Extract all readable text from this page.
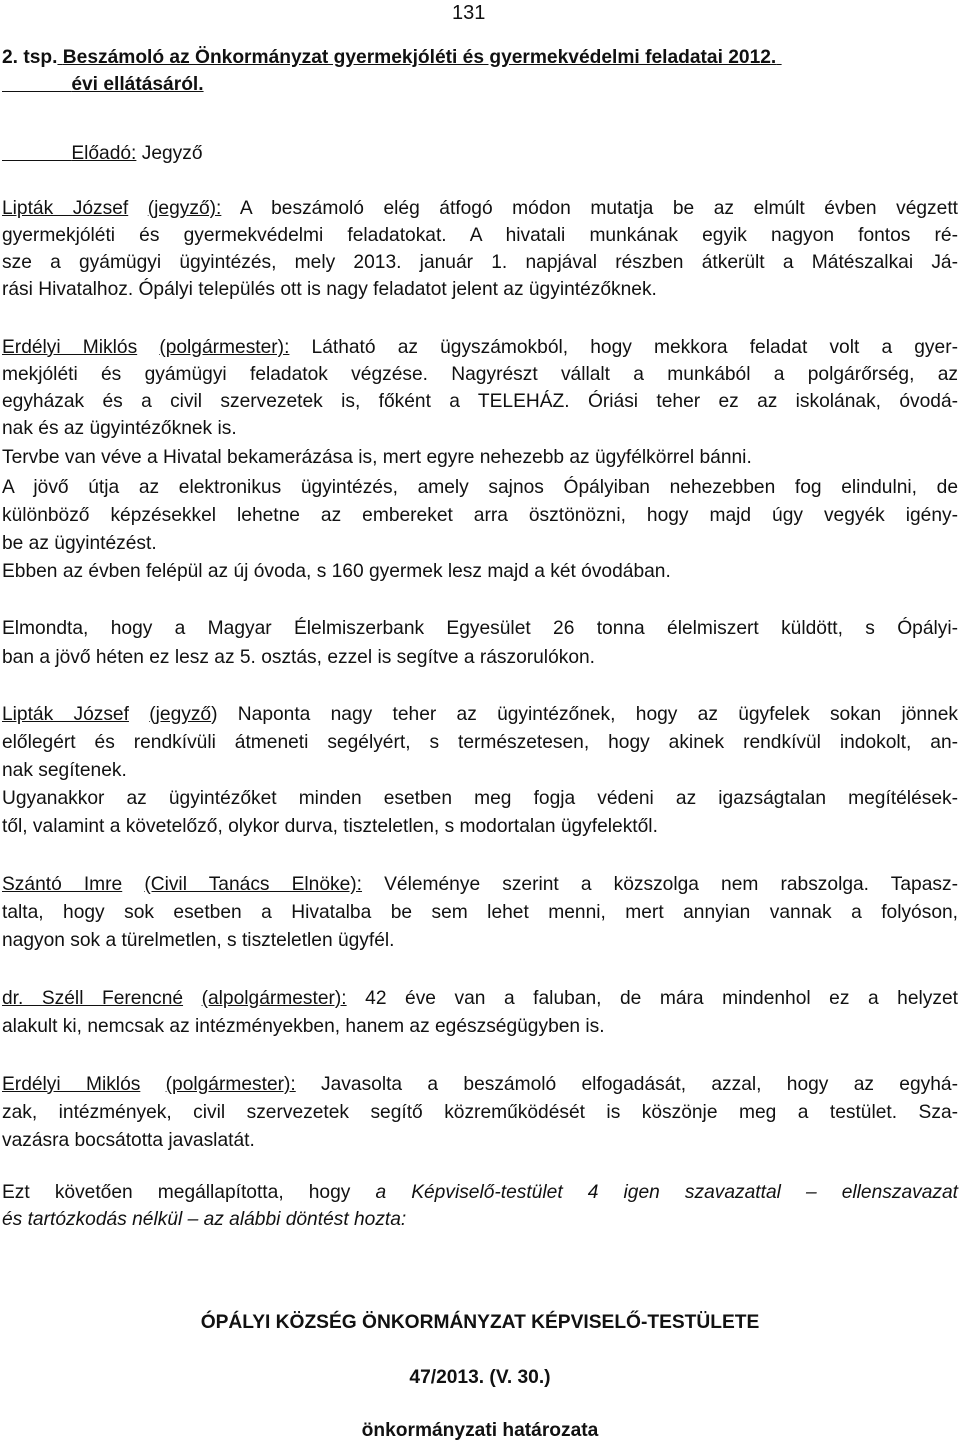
131
2. tsp. Beszámoló az Önkormányzat gyermekjóléti és gyermekvédelmi feladatai 2012.
évi ellátásáról.
Előadó: Jegyző
Lipták József (jegyző): A beszámoló elég átfogó módon mutatja be az elmúlt évben végzett
gyermekjóléti és gyermekvédelmi feladatokat. A hivatali munkának egyik nagyon fontos ré-
sze a gyámügyi ügyintézés, mely 2013. január 1. napjával részben átkerült a Mátészalkai Já-
rási Hivatalhoz. Ópályi település ott is nagy feladatot jelent az ügyintézőknek.
Erdélyi Miklós (polgármester): Látható az ügyszámokból, hogy mekkora feladat volt a gyer-
mekjóléti és gyámügyi feladatok végzése. Nagyrészt vállalt a munkából a polgárőrség, az
egyházak és a civil szervezetek is, főként a TELEHÁZ. Óriási teher ez az iskolának, óvodá-
nak és az ügyintézőknek is.
Tervbe van véve a Hivatal bekamerázása is, mert egyre nehezebb az ügyfélkörrel bánni.
A jövő útja az elektronikus ügyintézés, amely sajnos Ópályiban nehezebben fog elindulni, de
különböző képzésekkel lehetne az embereket arra ösztönözni, hogy majd úgy vegyék igény-
be az ügyintézést.
Ebben az évben felépül az új óvoda, s 160 gyermek lesz majd a két óvodában.
Elmondta, hogy a Magyar Élelmiszerbank Egyesület 26 tonna élelmiszert küldött, s Ópályi-
ban a jövő héten ez lesz az 5. osztás, ezzel is segítve a rászorulókon.
Lipták József (jegyző) Naponta nagy teher az ügyintézőnek, hogy az ügyfelek sokan jönnek
előlegért és rendkívüli átmeneti segélyért, s természetesen, hogy akinek rendkívül indokolt, an-
nak segítenek.
Ugyanakkor az ügyintézőket minden esetben meg fogja védeni az igazságtalan megítélések-
től, valamint a követelőző, olykor durva, tiszteletlen, s modortalan ügyfelektől.
Szántó Imre (Civil Tanács Elnöke): Véleménye szerint a közszolga nem rabszolga. Tapasz-
talta, hogy sok esetben a Hivatalba be sem lehet menni, mert annyian vannak a folyóson,
nagyon sok a türelmetlen, s tiszteletlen ügyfél.
dr. Széll Ferencné (alpolgármester): 42 éve van a faluban, de mára mindenhol ez a helyzet
alakult ki, nemcsak az intézményekben, hanem az egészségügyben is.
Erdélyi Miklós (polgármester): Javasolta a beszámoló elfogadását, azzal, hogy az egyhá-
zak, intézmények, civil szervezetek segítő közreműködését is köszönje meg a testület. Sza-
vazásra bocsátotta javaslatát.
Ezt követően megállapította, hogy a Képviselő-testület 4 igen szavazattal – ellenszavazat
és tartózkodás nélkül – az alábbi döntést hozta:
ÓPÁLYI KÖZSÉG ÖNKORMÁNYZAT KÉPVISELŐ-TESTÜLETE
47/2013. (V. 30.)
önkormányzati határozata
